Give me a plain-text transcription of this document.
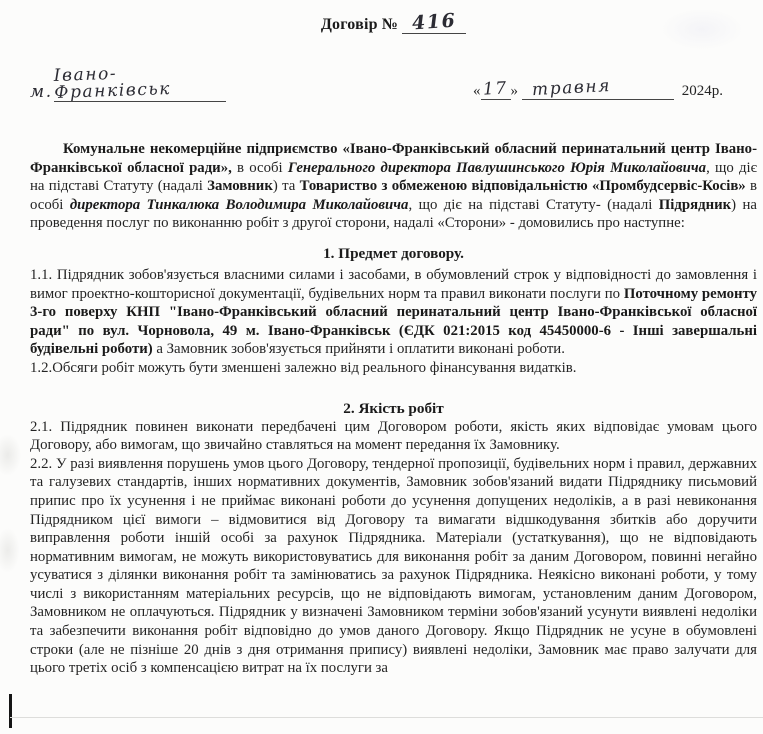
Договір № 416
м.Івано-Франківськ	« 17 » травня	2024р.

Комунальне некомерційне підприємство «Івано-Франківський обласний перинатальний центр Івано-Франківської обласної ради», в особі Генерального директора Павлушинського Юрія Миколайовича, що діє на підставі Статуту (надалі Замовник) та Товариство з обмеженою відповідальністю «Промбудсервіс-Косів» в особі директора Тинкалюка Володимира Миколайовича, що діє на підставі Статуту- (надалі Підрядник) на проведення послуг по виконанню робіт з другої сторони, надалі «Сторони» - домовились про наступне:

1. Предмет договору.

1.1. Підрядник зобов'язується власними силами і засобами, в обумовлений строк у відповідності до замовлення і вимог проектно-кошторисної документації, будівельних норм та правил виконати послуги по Поточному ремонту 3-го поверху КНП "Івано-Франківський обласний перинатальний центр Івано-Франківської обласної ради" по вул. Чорновола, 49 м. Івано-Франківськ (ЄДК 021:2015 код 45450000-6 - Інші завершальні будівельні роботи) а Замовник зобов'язується прийняти і оплатити виконані роботи.

1.2.Обсяги робіт можуть бути зменшені залежно від реального фінансування видатків.

2. Якість робіт

2.1. Підрядник повинен виконати передбачені цим Договором роботи, якість яких відповідає умовам цього Договору, або вимогам, що звичайно ставляться на момент передання їх Замовнику.

2.2. У разі виявлення порушень умов цього Договору, тендерної пропозиції, будівельних норм і правил, державних та галузевих стандартів, інших нормативних документів, Замовник зобов'язаний видати Підряднику письмовий припис про їх усунення і не приймає виконані роботи до усунення допущених недоліків, а в разі невиконання Підрядником цієї вимоги – відмовитися від Договору та вимагати відшкодування збитків або доручити виправлення роботи іншій особі за рахунок Підрядника. Матеріали (устаткування), що не відповідають нормативним вимогам, не можуть використовуватись для виконання робіт за даним Договором, повинні негайно усуватися з ділянки виконання робіт та замінюватись за рахунок Підрядника. Неякісно виконані роботи, у тому числі з використанням матеріальних ресурсів, що не відповідають вимогам, установленим даним Договором, Замовником не оплачуються. Підрядник у визначені Замовником терміни зобов'язаний усунути виявлені недоліки та забезпечити виконання робіт відповідно до умов даного Договору. Якщо Підрядник не усуне в обумовлені строки (але не пізніше 20 днів з дня отримання припису) виявлені недоліки, Замовник має право залучати для цього третіх осіб з компенсацією витрат на їх послуги за
